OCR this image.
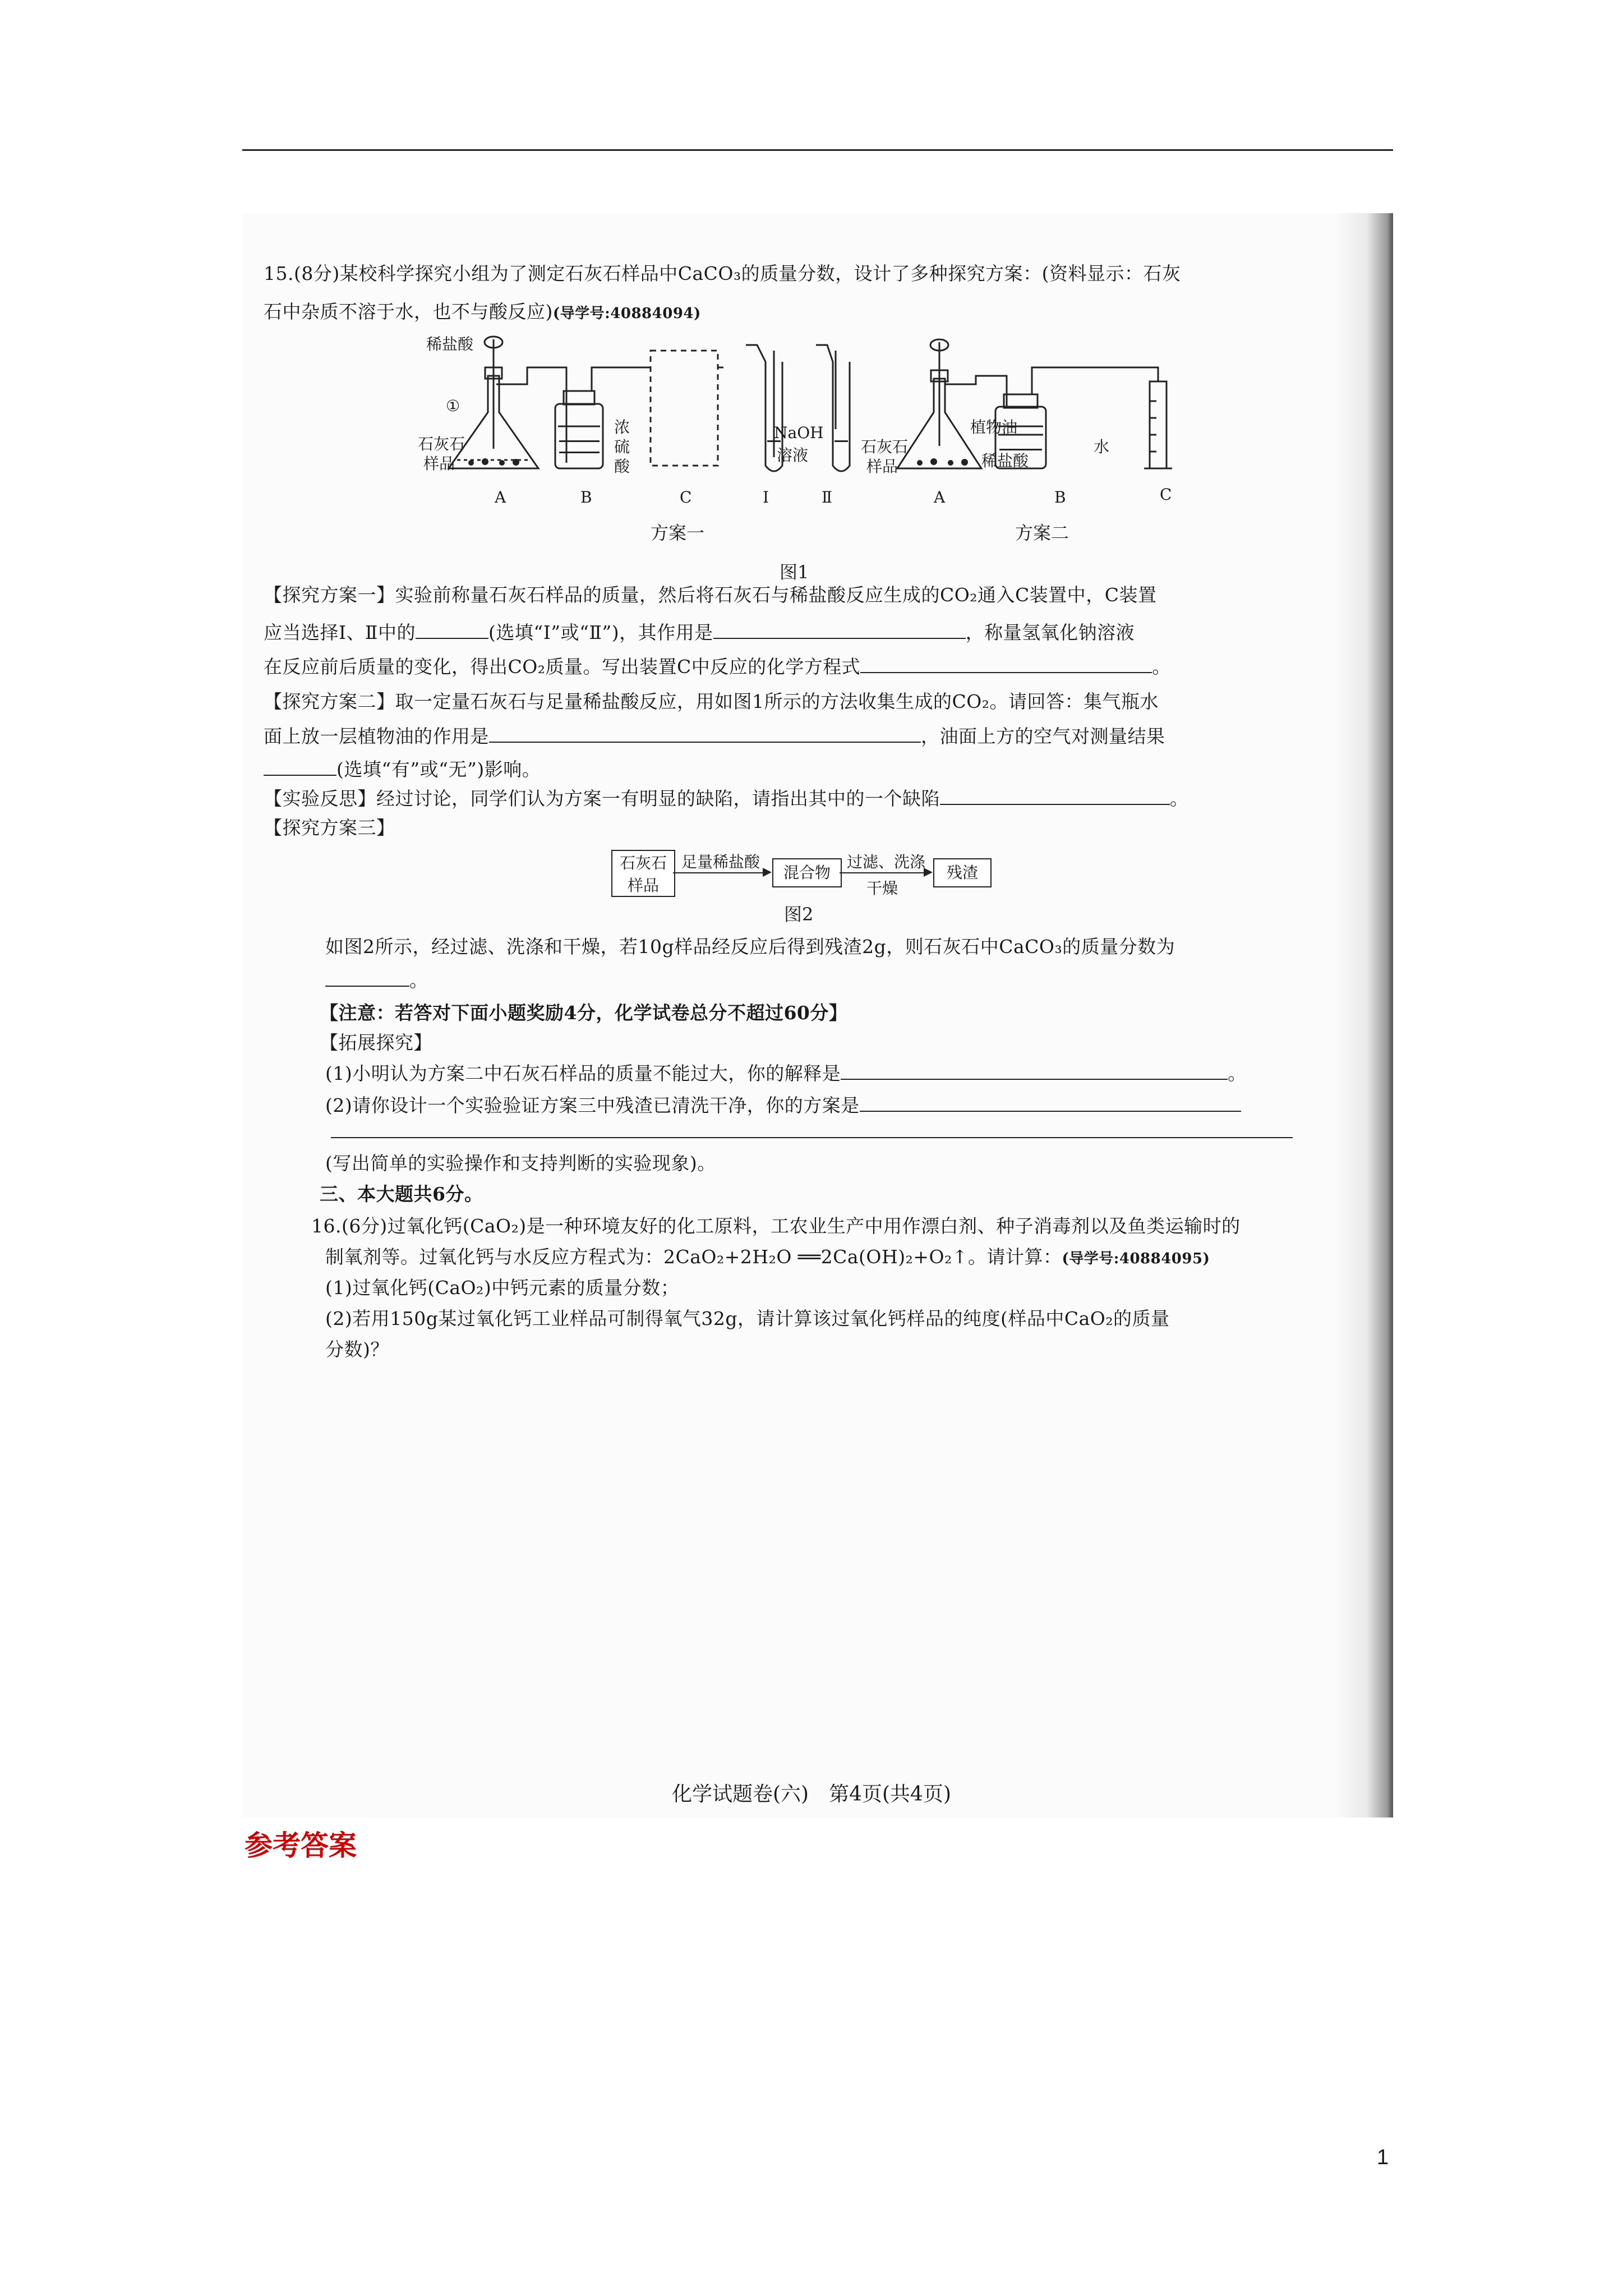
15.(8分)某校科学探究小组为了测定石灰石样品中CaCO₃的质量分数，设计了多种探究方案：(资料显示：石灰
石中杂质不溶于水，也不与酸反应)(导学号:40884094)
稀盐酸
①
石灰石
样品
浓
硫
酸
NaOH
溶液
A	B	C	Ⅰ	Ⅱ
方案一
植物油
水
稀盐酸
石灰石
样品
A	B	C
方案二
图1
【探究方案一】实验前称量石灰石样品的质量，然后将石灰石与稀盐酸反应生成的CO₂通入C装置中，C装置
应当选择Ⅰ、Ⅱ中的	(选填“Ⅰ”或“Ⅱ”)，其作用是	，称量氢氧化钠溶液
在反应前后质量的变化，得出CO₂质量。写出装置C中反应的化学方程式	。
【探究方案二】取一定量石灰石与足量稀盐酸反应，用如图1所示的方法收集生成的CO₂。请回答：集气瓶水
面上放一层植物油的作用是	，油面上方的空气对测量结果
(选填“有”或“无”)影响。
【实验反思】经过讨论，同学们认为方案一有明显的缺陷，请指出其中的一个缺陷	。
【探究方案三】
石灰石
样品
足量稀盐酸
混合物
过滤、洗涤
干燥
残渣
图2
如图2所示，经过滤、洗涤和干燥，若10g样品经反应后得到残渣2g，则石灰石中CaCO₃的质量分数为
。
【注意：若答对下面小题奖励4分，化学试卷总分不超过60分】
【拓展探究】
(1)小明认为方案二中石灰石样品的质量不能过大，你的解释是	。
(2)请你设计一个实验验证方案三中残渣已清洗干净，你的方案是
(写出简单的实验操作和支持判断的实验现象)。
三、本大题共6分。
16.(6分)过氧化钙(CaO₂)是一种环境友好的化工原料，工农业生产中用作漂白剂、种子消毒剂以及鱼类运输时的
制氧剂等。过氧化钙与水反应方程式为：2CaO₂+2H₂O ══2Ca(OH)₂+O₂↑。请计算：(导学号:40884095)
(1)过氧化钙(CaO₂)中钙元素的质量分数；
(2)若用150g某过氧化钙工业样品可制得氧气32g，请计算该过氧化钙样品的纯度(样品中CaO₂的质量
分数)？
化学试题卷(六)　第4页(共4页)
参考答案
1
